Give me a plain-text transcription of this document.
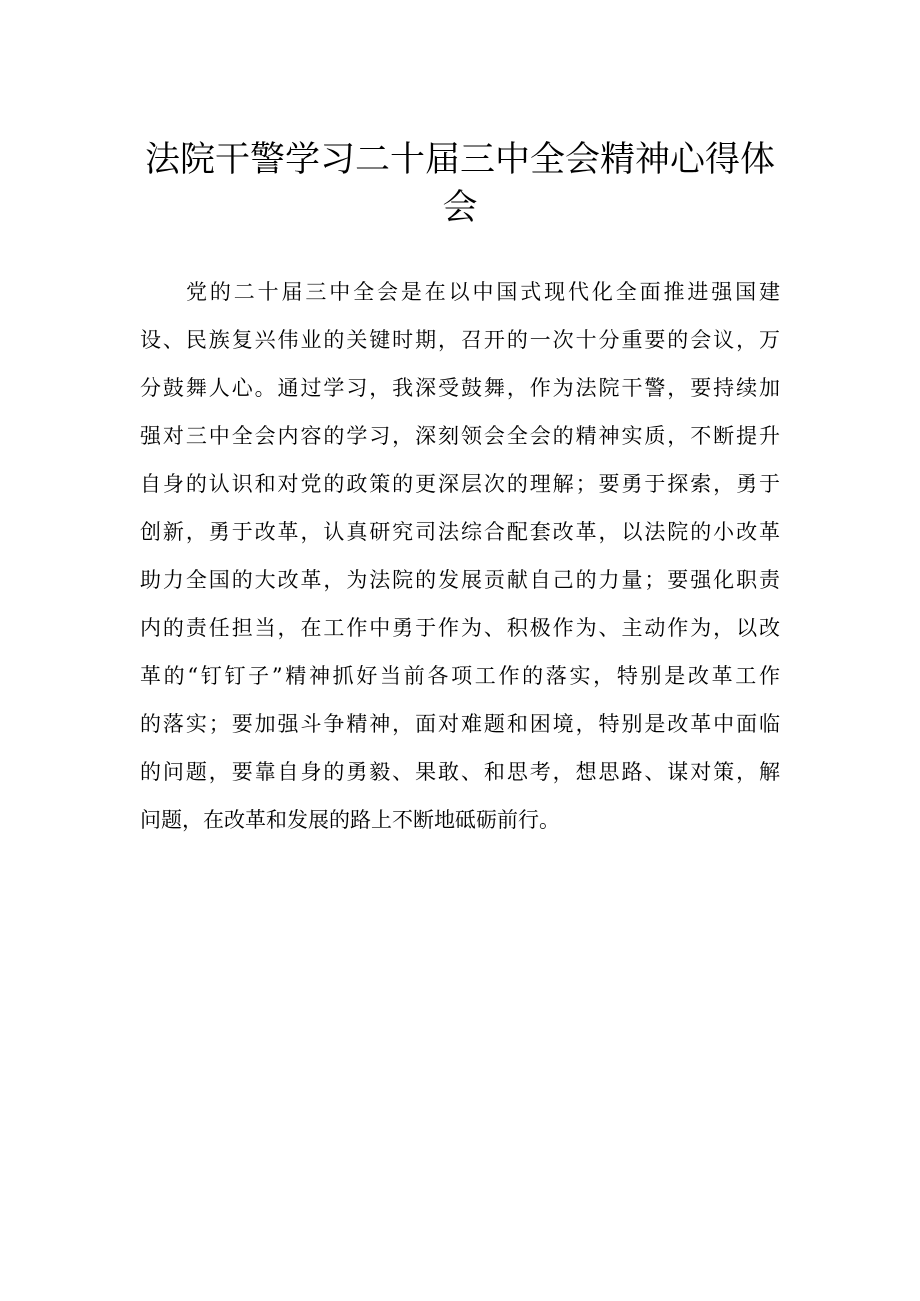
法院干警学习二十届三中全会精神心得体
会
党的二十届三中全会是在以中国式现代化全面推进强国建
设、民族复兴伟业的关键时期，召开的一次十分重要的会议，万
分鼓舞人心。通过学习，我深受鼓舞，作为法院干警，要持续加
强对三中全会内容的学习，深刻领会全会的精神实质，不断提升
自身的认识和对党的政策的更深层次的理解；要勇于探索，勇于
创新，勇于改革，认真研究司法综合配套改革，以法院的小改革
助力全国的大改革，为法院的发展贡献自己的力量；要强化职责
内的责任担当，在工作中勇于作为、积极作为、主动作为，以改
革的“钉钉子”精神抓好当前各项工作的落实，特别是改革工作
的落实；要加强斗争精神，面对难题和困境，特别是改革中面临
的问题，要靠自身的勇毅、果敢、和思考，想思路、谋对策，解
问题，在改革和发展的路上不断地砥砺前行。
